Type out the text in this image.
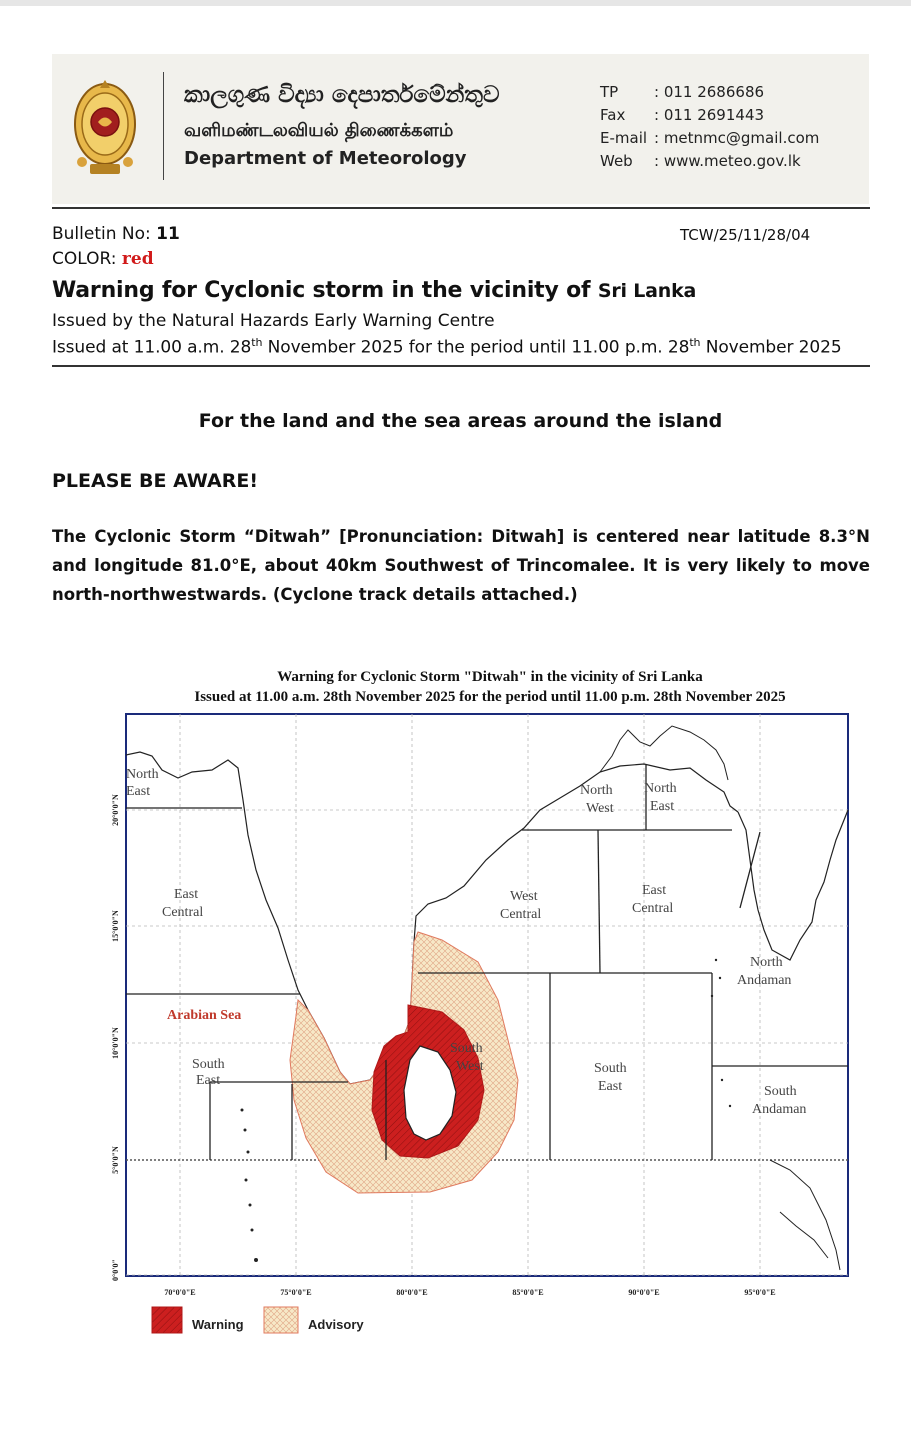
කාලගුණ විද්‍යා දෙපාර්තමේන්තුව
வளிமண்டலவியல் திணைக்களம்
Department of Meteorology
TP : 011 2686686
Fax : 011 2691443
E-mail : metnmc@gmail.com
Web : www.meteo.gov.lk
Bulletin No: 11	TCW/25/11/28/04
COLOR: red
Warning for Cyclonic storm in the vicinity of Sri Lanka
Issued by the Natural Hazards Early Warning Centre
Issued at 11.00 a.m. 28th November 2025 for the period until 11.00 p.m. 28th November 2025
For the land and the sea areas around the island
PLEASE BE AWARE!
The Cyclonic Storm “Ditwah” [Pronunciation: Ditwah] is centered near latitude 8.3°N and longitude 81.0°E, about 40km Southwest of Trincomalee. It is very likely to move north-northwestwards. (Cyclone track details attached.)
Warning for Cyclonic Storm "Ditwah" in the vicinity of Sri Lanka
Issued at 11.00 a.m. 28th November 2025 for the period until 11.00 p.m. 28th November 2025
North
East
East
Central
South
East
South
West
North
West
North
East
West
Central
East
Central
South
East
North
Andaman
South
Andaman
Arabian Sea
70°0'0"E	75°0'0"E	80°0'0"E	85°0'0"E	90°0'0"E	95°0'0"E
20°0'0"N
15°0'0"N
10°0'0"N
5°0'0"N
0°0'0"
Warning	Advisory
